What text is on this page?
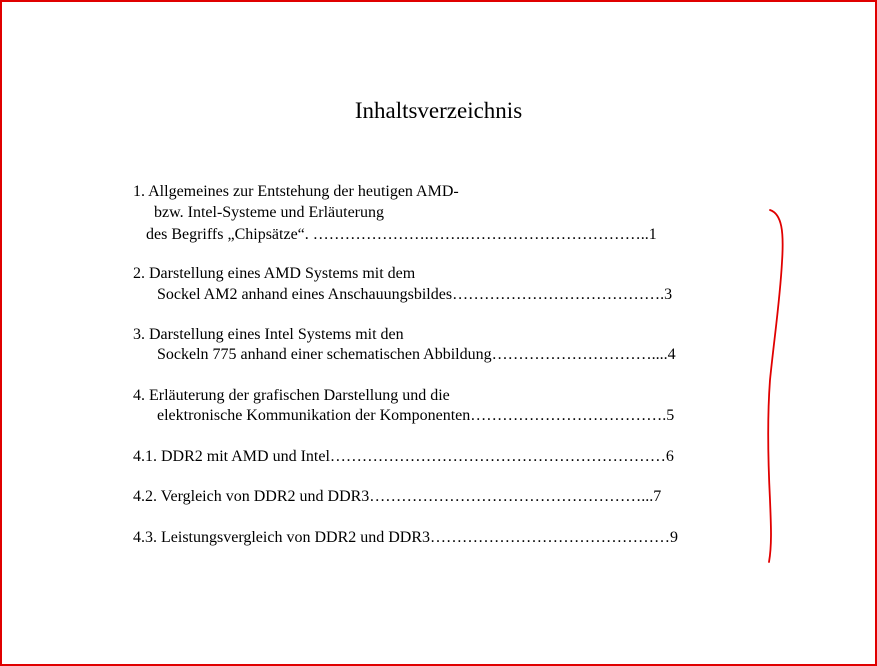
Inhaltsverzeichnis
1. Allgemeines zur Entstehung der heutigen AMD-
bzw. Intel-Systeme und Erläuterung
des Begriffs „Chipsätze“. ………………….…….……………………………..1
2. Darstellung eines AMD Systems mit dem
Sockel AM2 anhand eines Anschauungsbildes………………………………….3
3. Darstellung eines Intel Systems mit den
Sockeln 775 anhand einer schematischen Abbildung…………………………....4
4. Erläuterung der grafischen Darstellung und die
elektronische Kommunikation der Komponenten……………………………….5
4.1. DDR2 mit AMD und Intel………………………………………………………6
4.2. Vergleich von DDR2 und DDR3……………………………………………...7
4.3. Leistungsvergleich von DDR2 und DDR3………………………………………9
